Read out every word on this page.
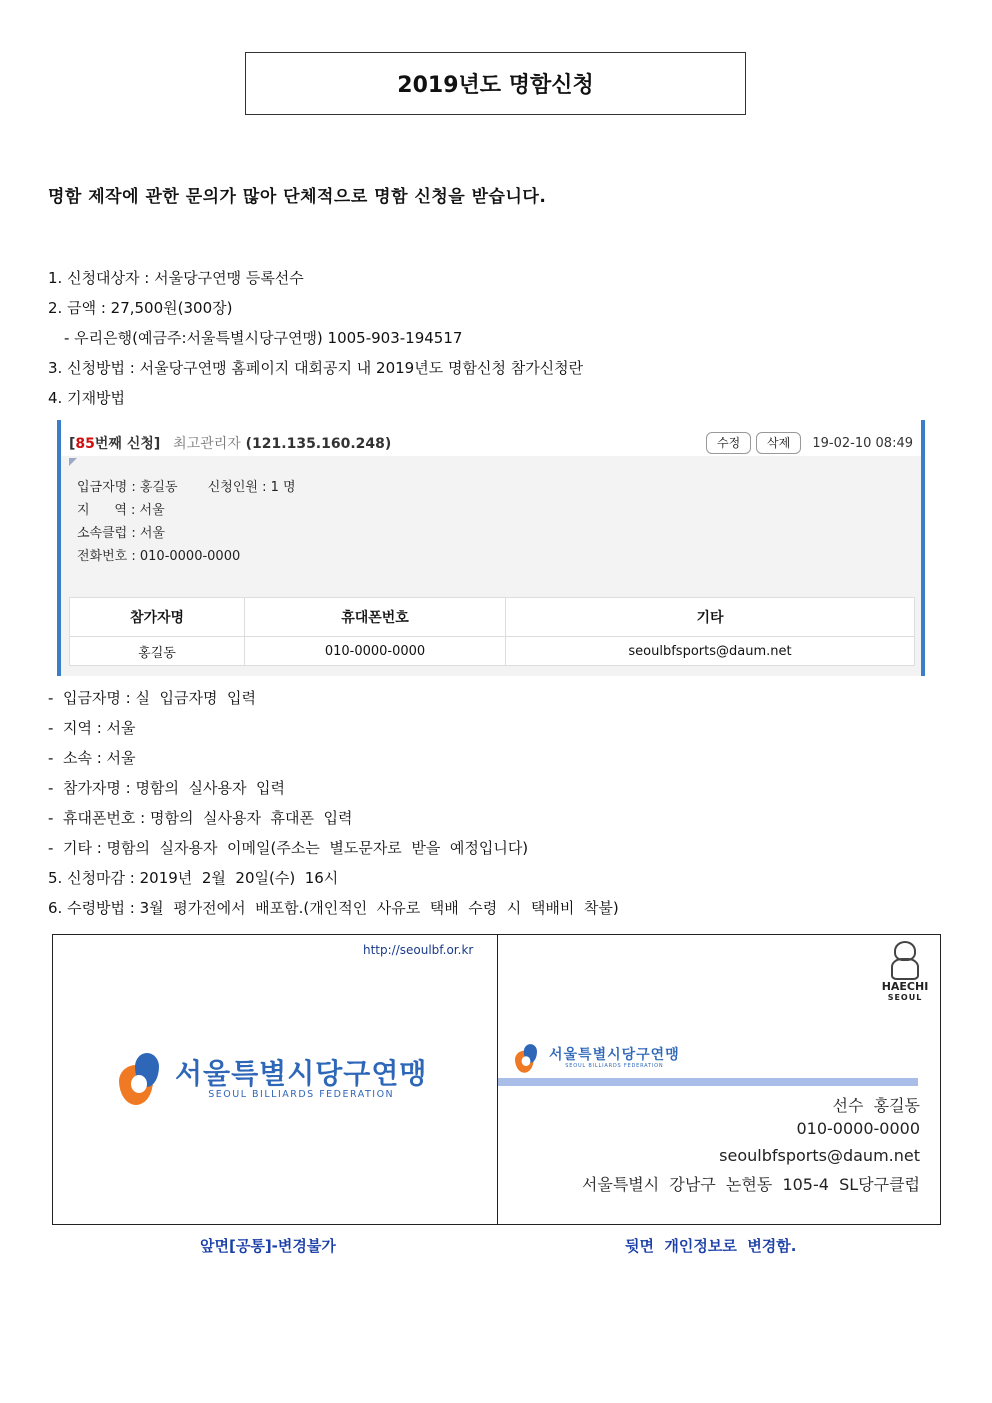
2019년도 명함신청
명함 제작에 관한 문의가 많아 단체적으로 명함 신청을 받습니다.
1. 신청대상자 : 서울당구연맹 등록선수
2. 금액 : 27,500원(300장)
- 우리은행(예금주:서울특별시당구연맹) 1005-903-194517
3. 신청방법 : 서울당구연맹 홈페이지 대회공지 내 2019년도 명함신청 참가신청란
4. 기재방법
[85번째 신청] 최고관리자 (121.135.160.248)	수정	삭제	19-02-10 08:49
입금자명 : 홍길동 신청인원 : 1 명
지      역 : 서울
소속클럽 : 서울
전화번호 : 010-0000-0000
참가자명	휴대폰번호	기타
홍길동	010-0000-0000	seoulbfsports@daum.net
-  입금자명 : 실  입금자명  입력
-  지역 : 서울
-  소속 : 서울
-  참가자명 : 명함의  실사용자  입력
-  휴대폰번호 : 명함의  실사용자  휴대폰  입력
-  기타 : 명함의  실자용자  이메일(주소는  별도문자로  받을  예정입니다)
5. 신청마감 : 2019년  2월  20일(수)  16시
6. 수령방법 : 3월  평가전에서  배포함.(개인적인  사유로  택배  수령  시  택배비  착불)
http://seoulbf.or.kr
서울특별시당구연맹
SEOUL BILLIARDS FEDERATION
HAECHI
SEOUL
서울특별시당구연맹
SEOUL BILLIARDS FEDERATION
선수  홍길동
010-0000-0000
seoulbfsports@daum.net
서울특별시  강남구  논현동  105-4  SL당구클럽
앞면[공통]-변경불가	뒷면  개인정보로  변경함.
